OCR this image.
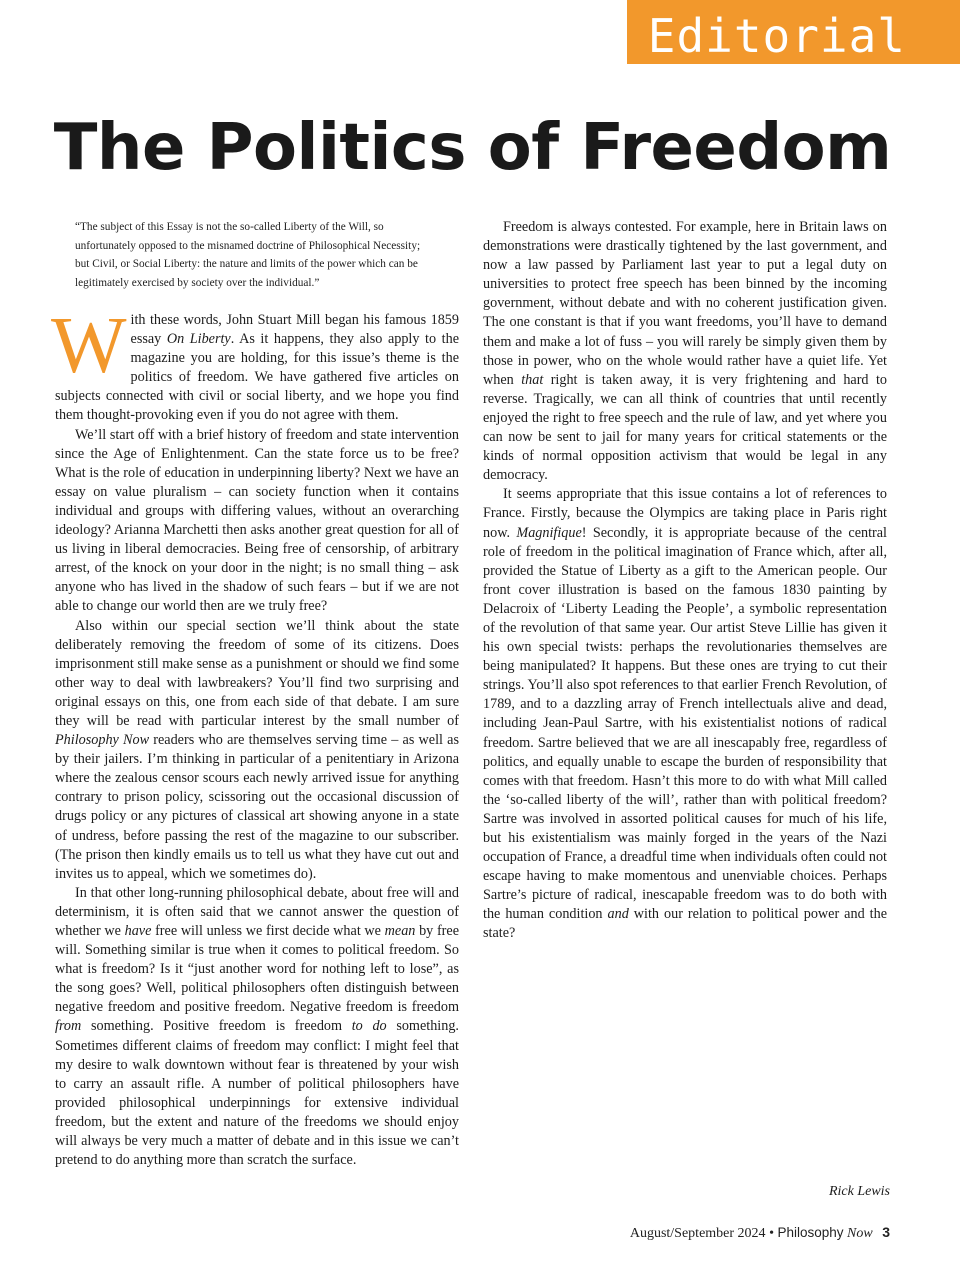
Editorial
The Politics of Freedom

“The subject of this Essay is not the so-called Liberty of the Will, so unfortunately opposed to the misnamed doctrine of Philosophical Necessity; but Civil, or Social Liberty: the nature and limits of the power which can be legitimately exercised by society over the individual.”

With these words, John Stuart Mill began his famous 1859 essay On Liberty. As it happens, they also apply to the magazine you are holding, for this issue’s theme is the politics of freedom. We have gathered five articles on subjects connected with civil or social liberty, and we hope you find them thought-provoking even if you do not agree with them.

We’ll start off with a brief history of freedom and state intervention since the Age of Enlightenment. Can the state force us to be free? What is the role of education in underpinning liberty? Next we have an essay on value pluralism – can society function when it contains individual and groups with differing values, without an overarching ideology? Arianna Marchetti then asks another great question for all of us living in liberal democracies. Being free of censorship, of arbitrary arrest, of the knock on your door in the night; is no small thing – ask anyone who has lived in the shadow of such fears – but if we are not able to change our world then are we truly free?

Also within our special section we’ll think about the state deliberately removing the freedom of some of its citizens. Does imprisonment still make sense as a punishment or should we find some other way to deal with lawbreakers? You’ll find two surprising and original essays on this, one from each side of that debate. I am sure they will be read with particular interest by the small number of Philosophy Now readers who are themselves serving time – as well as by their jailers. I’m thinking in particular of a penitentiary in Arizona where the zealous censor scours each newly arrived issue for anything contrary to prison policy, scissoring out the occasional discussion of drugs policy or any pictures of classical art showing anyone in a state of undress, before passing the rest of the magazine to our subscriber. (The prison then kindly emails us to tell us what they have cut out and invites us to appeal, which we sometimes do).

In that other long-running philosophical debate, about free will and determinism, it is often said that we cannot answer the question of whether we have free will unless we first decide what we mean by free will. Something similar is true when it comes to political freedom. So what is freedom? Is it “just another word for nothing left to lose”, as the song goes? Well, political philosophers often distinguish between negative freedom and positive freedom. Negative freedom is freedom from something. Positive freedom is freedom to do something. Sometimes different claims of freedom may conflict: I might feel that my desire to walk downtown without fear is threatened by your wish to carry an assault rifle. A number of political philosophers have provided philosophical underpinnings for extensive individual freedom, but the extent and nature of the freedoms we should enjoy will always be very much a matter of debate and in this issue we can’t pretend to do anything more than scratch the surface.

Freedom is always contested. For example, here in Britain laws on demonstrations were drastically tightened by the last government, and now a law passed by Parliament last year to put a legal duty on universities to protect free speech has been binned by the incoming government, without debate and with no coherent justification given. The one constant is that if you want freedoms, you’ll have to demand them and make a lot of fuss – you will rarely be simply given them by those in power, who on the whole would rather have a quiet life. Yet when that right is taken away, it is very frightening and hard to reverse. Tragically, we can all think of countries that until recently enjoyed the right to free speech and the rule of law, and yet where you can now be sent to jail for many years for critical statements or the kinds of normal opposition activism that would be legal in any democracy.

It seems appropriate that this issue contains a lot of references to France. Firstly, because the Olympics are taking place in Paris right now. Magnifique! Secondly, it is appropriate because of the central role of freedom in the political imagination of France which, after all, provided the Statue of Liberty as a gift to the American people. Our front cover illustration is based on the famous 1830 painting by Delacroix of ‘Liberty Leading the People’, a symbolic representation of the revolution of that same year. Our artist Steve Lillie has given it his own special twists: perhaps the revolutionaries themselves are being manipulated? It happens. But these ones are trying to cut their strings. You’ll also spot references to that earlier French Revolution, of 1789, and to a dazzling array of French intellectuals alive and dead, including Jean-Paul Sartre, with his existentialist notions of radical freedom. Sartre believed that we are all inescapably free, regardless of politics, and equally unable to escape the burden of responsibility that comes with that freedom. Hasn’t this more to do with what Mill called the ‘so-called liberty of the will’, rather than with political freedom? Sartre was involved in assorted political causes for much of his life, but his existentialism was mainly forged in the years of the Nazi occupation of France, a dreadful time when individuals often could not escape having to make momentous and unenviable choices. Perhaps Sartre’s picture of radical, inescapable freedom was to do both with the human condition and with our relation to political power and the state?

Rick Lewis
August/September 2024 • Philosophy Now 3
